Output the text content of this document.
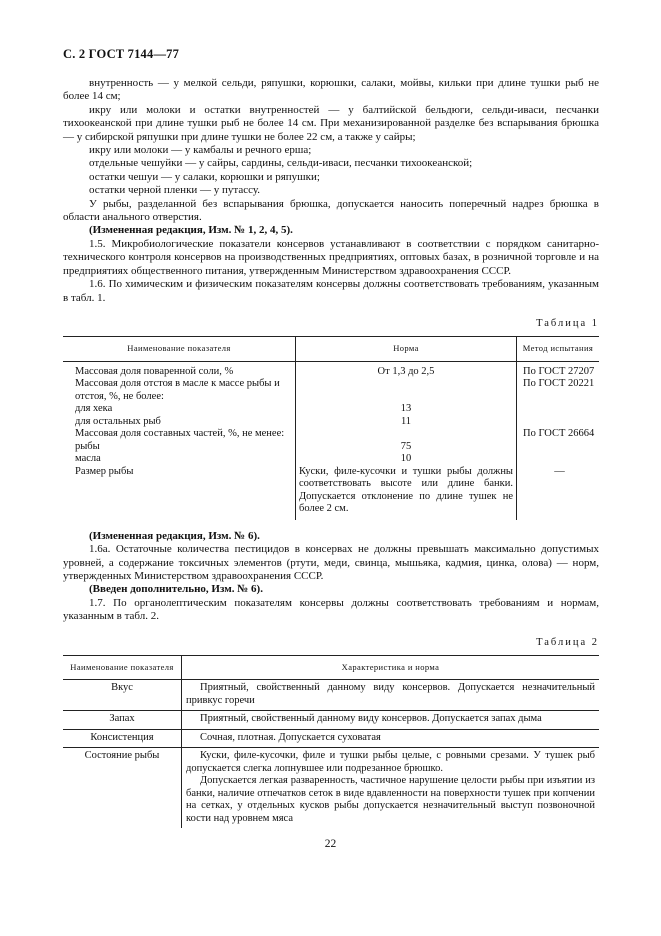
С. 2 ГОСТ 7144—77

внутренность — у мелкой сельди, ряпушки, корюшки, салаки, мойвы, кильки при длине тушки рыб не более 14 см;

икру или молоки и остатки внутренностей — у балтийской бельдюги, сельди-иваси, песчанки тихоокеанской при длине тушки рыб не более 14 см. При механизированной разделке без вспарывания брюшка — у сибирской ряпушки при длине тушки не более 22 см, а также у сайры;

икру или молоки — у камбалы и речного ерша;

отдельные чешуйки — у сайры, сардины, сельди-иваси, песчанки тихоокеанской;

остатки чешуи — у салаки, корюшки и ряпушки;

остатки черной пленки — у путассу.

У рыбы, разделанной без вспарывания брюшка, допускается наносить поперечный надрез брюшка в области анального отверстия.

(Измененная редакция, Изм. № 1, 2, 4, 5).

1.5. Микробиологические показатели консервов устанавливают в соответствии с порядком санитарно-технического контроля консервов на производственных предприятиях, оптовых базах, в розничной торговле и на предприятиях общественного питания, утвержденным Министерством здравоохранения СССР.

1.6. По химическим и физическим показателям консервы должны соответствовать требованиям, указанным в табл. 1.

Таблица 1
Наименование показателя	Норма	Метод испытания
Массовая доля поваренной соли, %	От 1,3 до 2,5	По ГОСТ 27207
Массовая доля отстоя в масле к массе рыбы и отстоя, %, не более:		По ГОСТ 20221
для хека	13	
для остальных рыб	11	
Массовая доля составных частей, %, не менее:		По ГОСТ 26664
рыбы	75	
масла	10	
Размер рыбы	Куски, филе-кусочки и тушки рыбы должны соответствовать высоте или длине банки. Допускается отклонение по длине тушек не более 2 см.	—

(Измененная редакция, Изм. № 6).

1.6а. Остаточные количества пестицидов в консервах не должны превышать максимально допустимых уровней, а содержание токсичных элементов (ртути, меди, свинца, мышьяка, кадмия, цинка, олова) — норм, утвержденных Министерством здравоохранения СССР.

(Введен дополнительно, Изм. № 6).

1.7. По органолептическим показателям консервы должны соответствовать требованиям и нормам, указанным в табл. 2.

Таблица 2
Наименование показателя	Характеристика и норма
Вкус	Приятный, свойственный данному виду консервов. Допускается незначительный привкус горечи

Запах	Приятный, свойственный данному виду консервов. Допускается запах дыма

Консистенция	Сочная, плотная. Допускается суховатая

Состояние рыбы	Куски, филе-кусочки, филе и тушки рыбы целые, с ровными срезами. У тушек рыб допускается слегка лопнувшее или подрезанное брюшко.

Допускается легкая разваренность, частичное нарушение целости рыбы при изъятии из банки, наличие отпечатков сеток в виде вдавленности на поверхности тушек при копчении на сетках, у отдельных кусков рыбы допускается незначительный выступ позвоночной кости над уровнем мяса

22
